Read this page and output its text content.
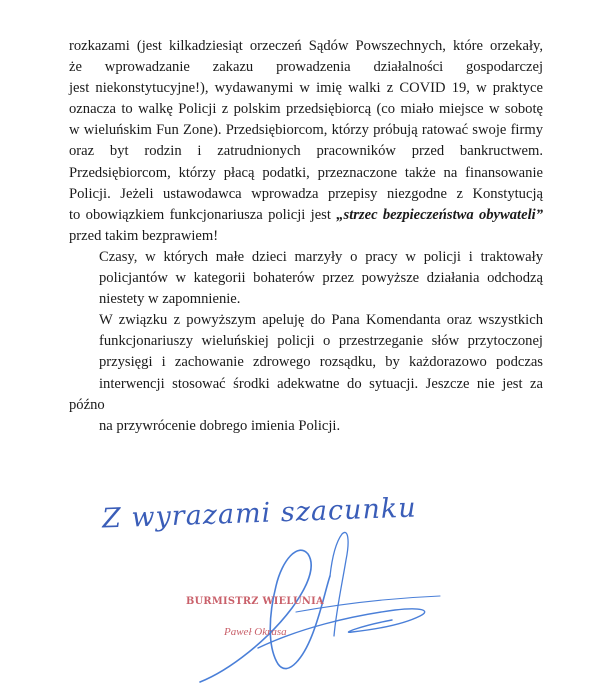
rozkazami (jest kilkadziesiąt orzeczeń Sądów Powszechnych, które orzekały,
że wprowadzanie zakazu prowadzenia działalności gospodarczej
jest niekonstytucyjne!), wydawanymi w imię walki z COVID 19, w praktyce
oznacza to walkę Policji z polskim przedsiębiorcą (co miało miejsce w sobotę
w wieluńskim Fun Zone). Przedsiębiorcom, którzy próbują ratować swoje firmy
oraz byt rodzin i zatrudnionych pracowników przed bankructwem.
Przedsiębiorcom, którzy płacą podatki, przeznaczone także na finansowanie
Policji. Jeżeli ustawodawca wprowadza przepisy niezgodne z Konstytucją
to obowiązkiem funkcjonariusza policji jest „strzec bezpieczeństwa obywateli”
przed takim bezprawiem!

Czasy, w których małe dzieci marzyły o pracy w policji i traktowały
policjantów w kategorii bohaterów przez powyższe działania odchodzą
niestety w zapomnienie.

W związku z powyższym apeluję do Pana Komendanta oraz wszystkich
funkcjonariuszy wieluńskiej policji o przestrzeganie słów przytoczonej
przysięgi i zachowanie zdrowego rozsądku, by każdorazowo podczas
interwencji stosować środki adekwatne do sytuacji. Jeszcze nie jest za późno
na przywrócenie dobrego imienia Policji.

Z wyrazami szacunku
BURMISTRZ WIELUNIA
Paweł Okrasa
